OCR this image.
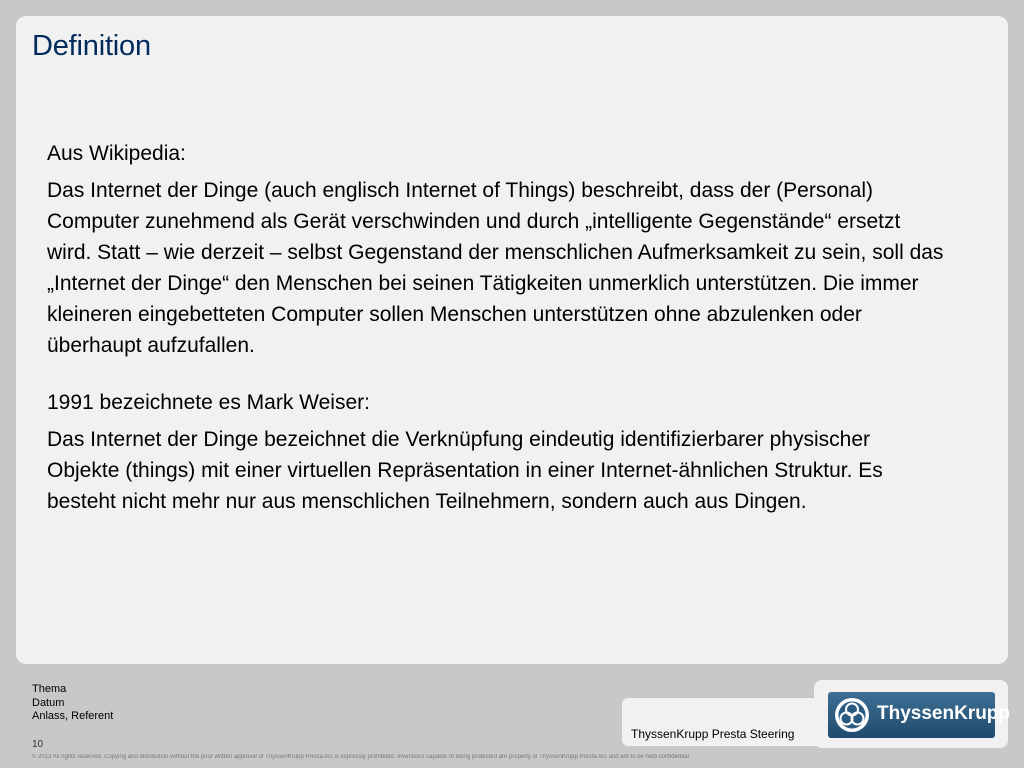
Definition

Aus Wikipedia:

Das Internet der Dinge (auch englisch Internet of Things) beschreibt, dass der (Personal) Computer zunehmend als Gerät verschwinden und durch „intelligente Gegenstände“ ersetzt wird. Statt – wie derzeit – selbst Gegenstand der menschlichen Aufmerksamkeit zu sein, soll das „Internet der Dinge“ den Menschen bei seinen Tätigkeiten unmerklich unterstützen. Die immer kleineren eingebetteten Computer sollen Menschen unterstützen ohne abzulenken oder überhaupt aufzufallen.

1991 bezeichnete es Mark Weiser:

Das Internet der Dinge bezeichnet die Verknüpfung eindeutig identifizierbarer physischer Objekte (things) mit einer virtuellen Repräsentation in einer Internet-ähnlichen Struktur. Es besteht nicht mehr nur aus menschlichen Teilnehmern, sondern auch aus Dingen.

Thema
Datum
Anlass, Referent
10
ThyssenKrupp Presta Steering
ThyssenKrupp
© 2013 All rights reserved. Copying and distribution without the prior written approval of ThyssenKrupp Presta AG is expressly prohibited. Inventions capable of being protected are property of ThyssenKrupp Presta AG and are to be held confidential
